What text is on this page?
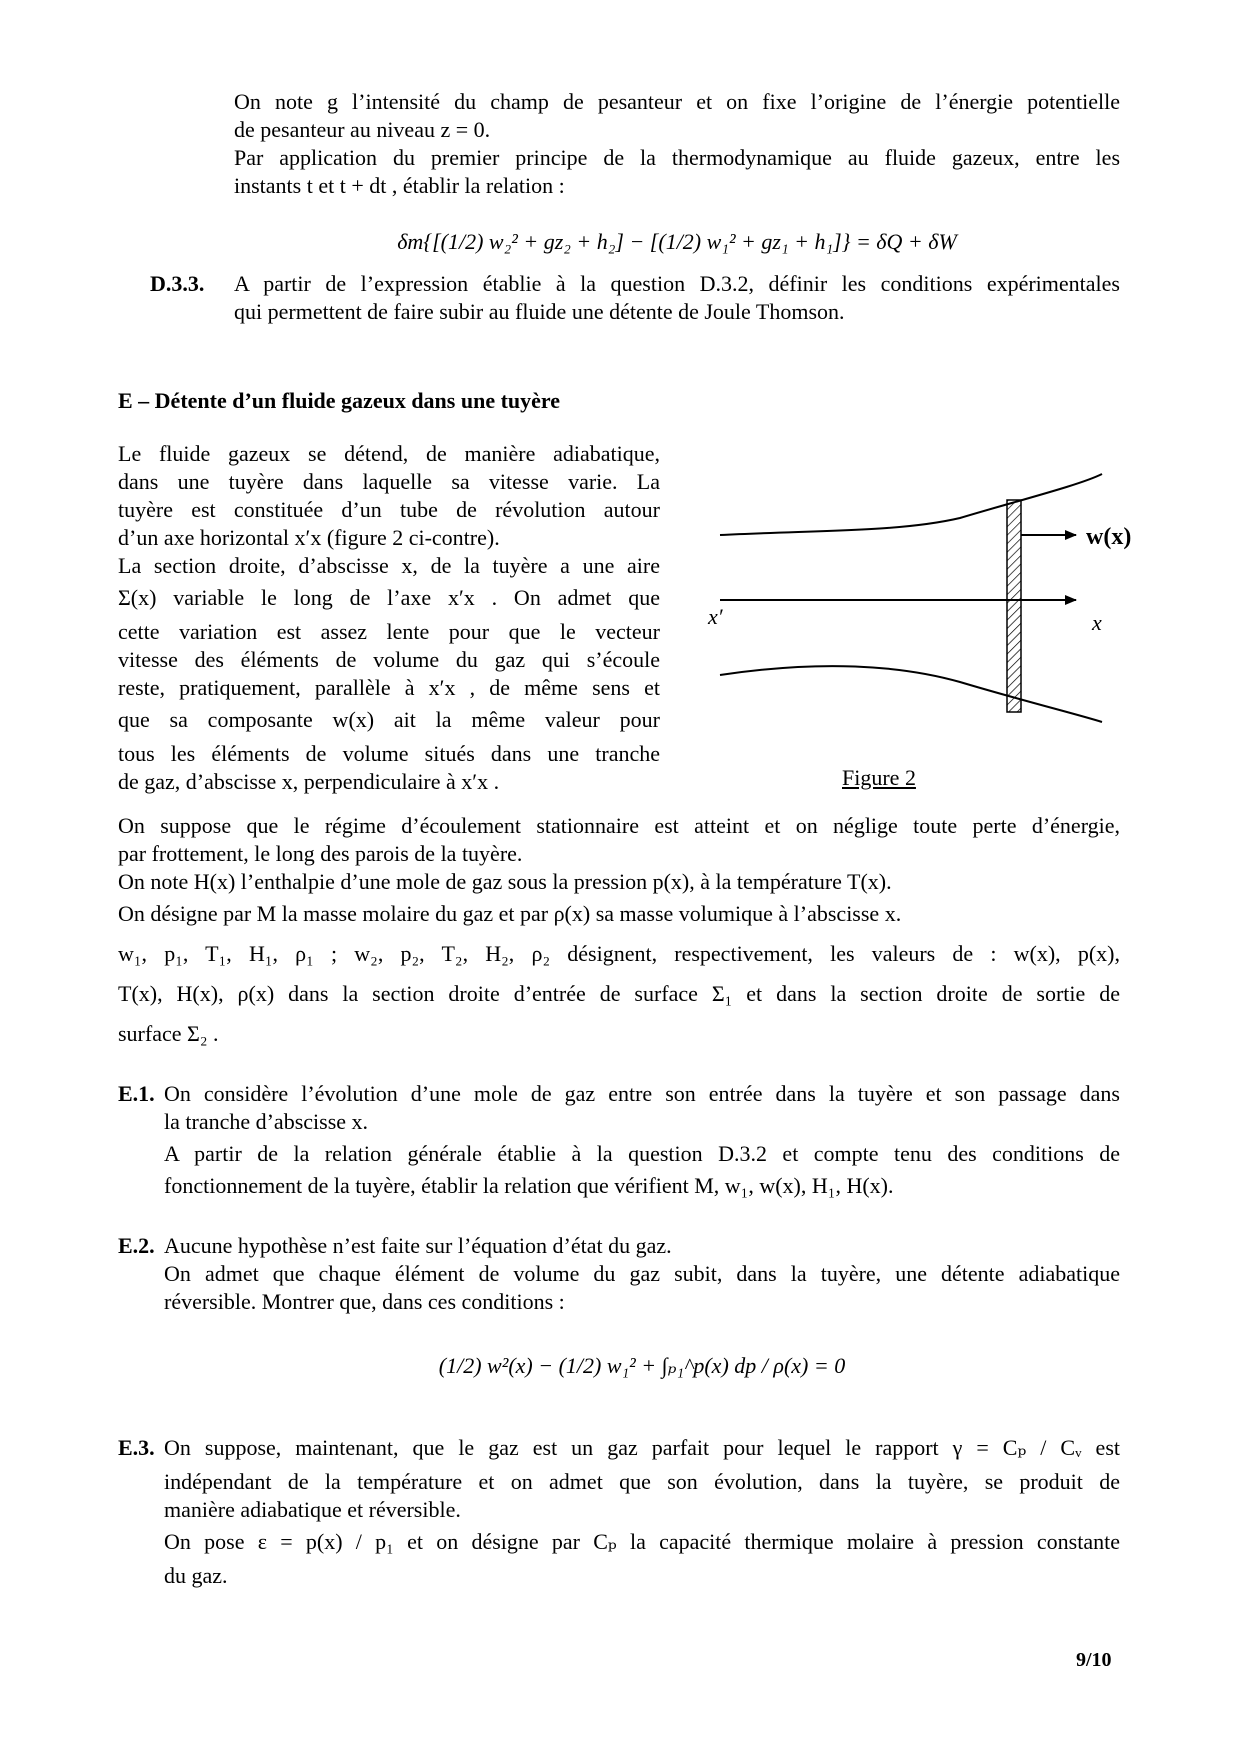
On note g l’intensité du champ de pesanteur et on fixe l’origine de l’énergie potentielle

de pesanteur au niveau z = 0.

Par application du premier principe de la thermodynamique au fluide gazeux, entre les

instants t et t + dt , établir la relation :

δm{[(1/2) w₂² + gz₂ + h₂] − [(1/2) w₁² + gz₁ + h₁]} = δQ + δW
D.3.3. A partir de l’expression établie à la question D.3.2, définir les conditions expérimentales

qui permettent de faire subir au fluide une détente de Joule Thomson.

E – Détente d’un fluide gazeux dans une tuyère

Le fluide gazeux se détend, de manière adiabatique,

dans une tuyère dans laquelle sa vitesse varie. La

tuyère est constituée d’un tube de révolution autour

d’un axe horizontal x′x (figure 2 ci-contre).

La section droite, d’abscisse x, de la tuyère a une aire

Σ(x) variable le long de l’axe x′x . On admet que

cette variation est assez lente pour que le vecteur

vitesse des éléments de volume du gaz qui s’écoule

reste, pratiquement, parallèle à x′x , de même sens et

que sa composante w(x) ait la même valeur pour

tous les éléments de volume situés dans une tranche

de gaz, d’abscisse x, perpendiculaire à x′x .

w(x)
x′	x
Figure 2

On suppose que le régime d’écoulement stationnaire est atteint et on néglige toute perte d’énergie,

par frottement, le long des parois de la tuyère.

On note H(x) l’enthalpie d’une mole de gaz sous la pression p(x), à la température T(x).

On désigne par M la masse molaire du gaz et par ρ(x) sa masse volumique à l’abscisse x.

w₁, p₁, T₁, H₁, ρ₁ ; w₂, p₂, T₂, H₂, ρ₂ désignent, respectivement, les valeurs de : w(x), p(x),

T(x), H(x), ρ(x) dans la section droite d’entrée de surface Σ₁ et dans la section droite de sortie de

surface Σ₂ .

E.1. On considère l’évolution d’une mole de gaz entre son entrée dans la tuyère et son passage dans

la tranche d’abscisse x.

A partir de la relation générale établie à la question D.3.2 et compte tenu des conditions de

fonctionnement de la tuyère, établir la relation que vérifient M, w₁, w(x), H₁, H(x).

E.2. Aucune hypothèse n’est faite sur l’équation d’état du gaz.

On admet que chaque élément de volume du gaz subit, dans la tuyère, une détente adiabatique

réversible. Montrer que, dans ces conditions :

(1/2) w²(x) − (1/2) w₁² + ∫ₚ₁^p(x) dp / ρ(x) = 0
E.3. On suppose, maintenant, que le gaz est un gaz parfait pour lequel le rapport γ = Cₚ / Cᵥ est

indépendant de la température et on admet que son évolution, dans la tuyère, se produit de

manière adiabatique et réversible.

On pose ε = p(x) / p₁ et on désigne par Cₚ la capacité thermique molaire à pression constante

du gaz.

9/10
